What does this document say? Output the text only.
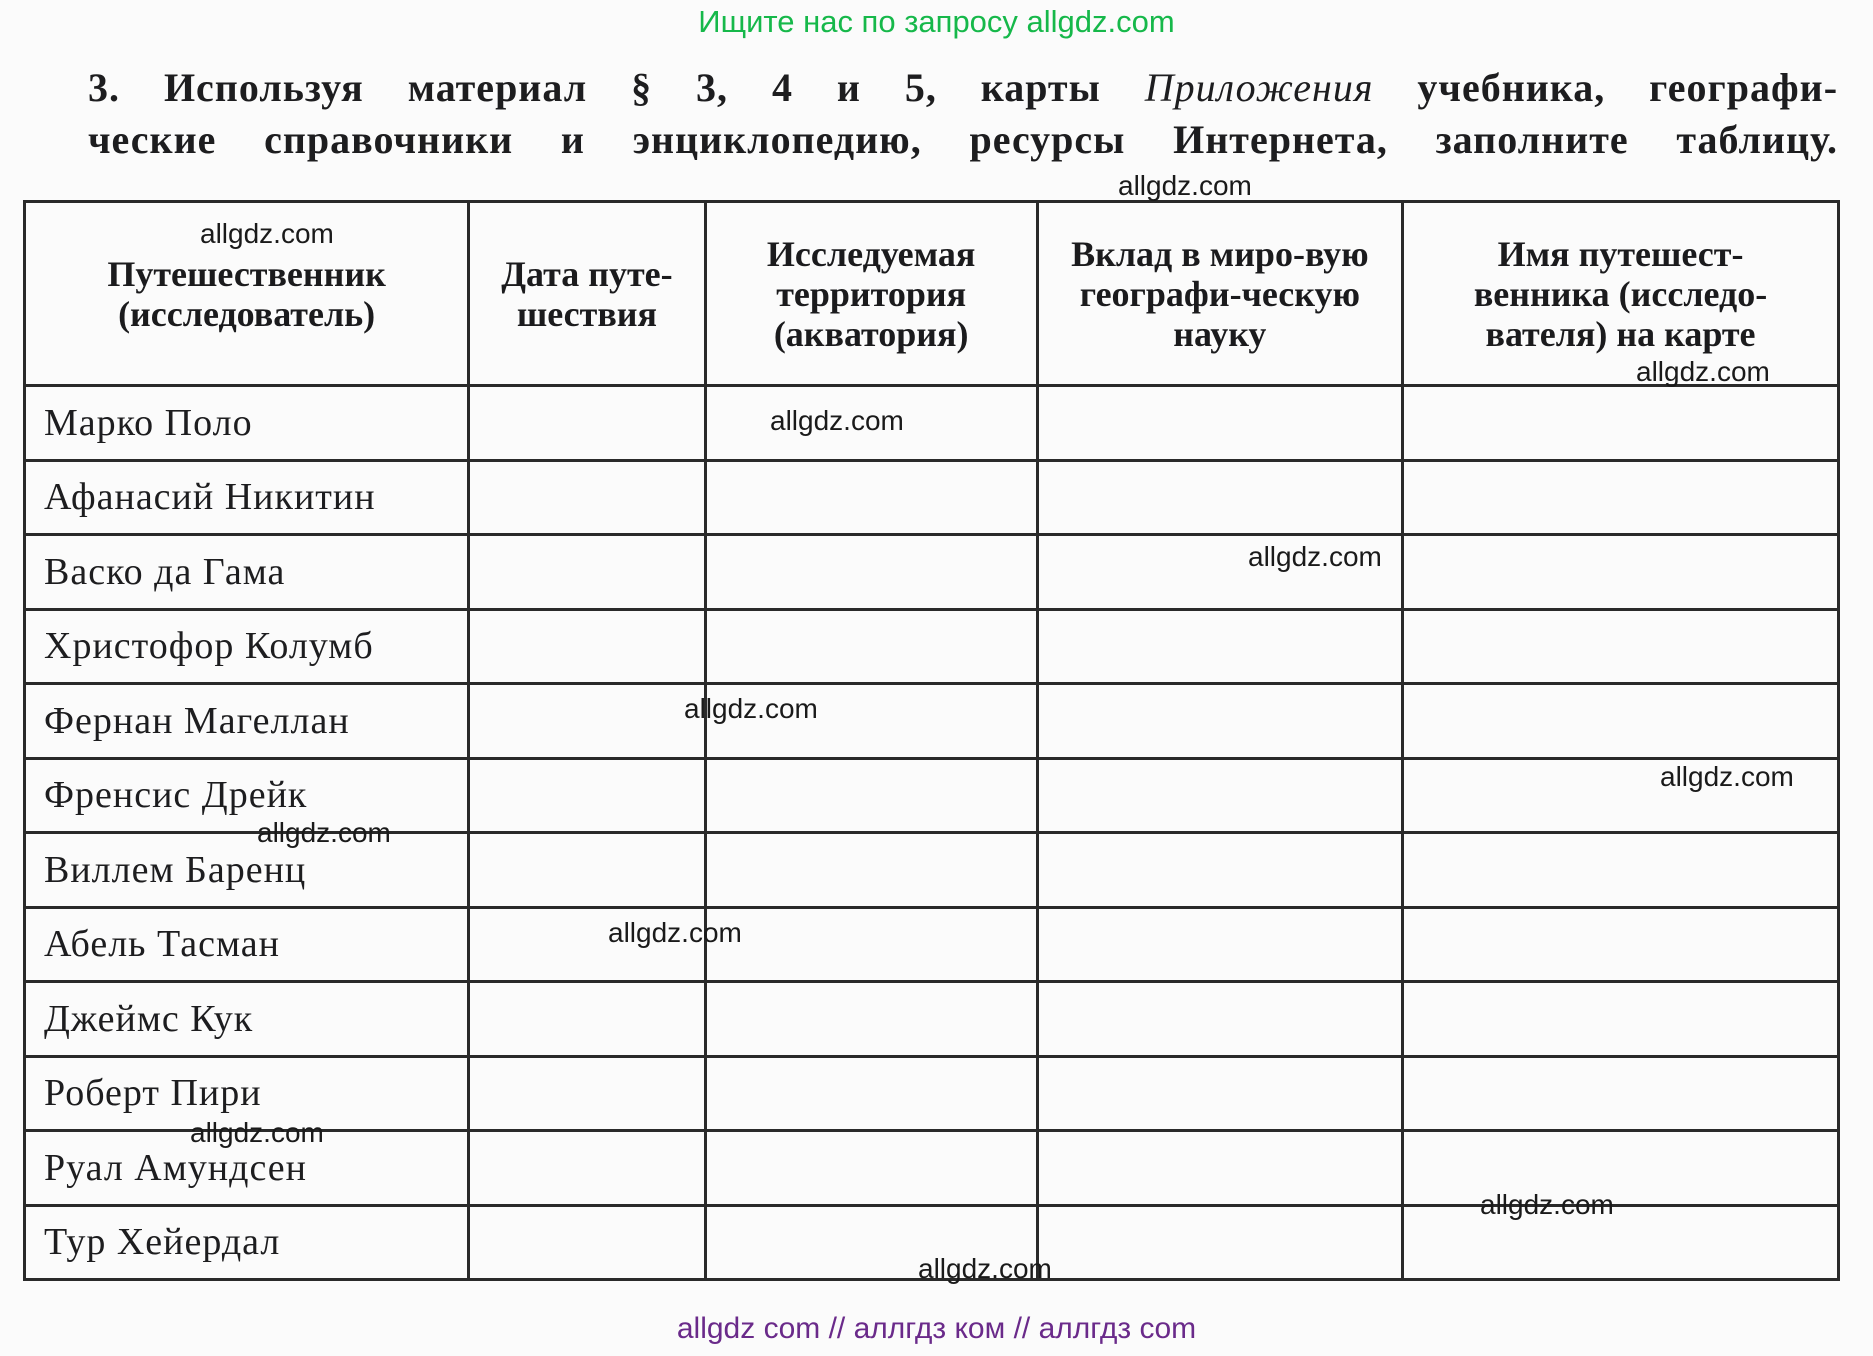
Ищите нас по запросу allgdz.com
3. Используя материал § 3, 4 и 5, карты Приложения учебника, географи-
ческие справочники и энциклопедию, ресурсы Интернета, заполните таблицу.
Путешественник (исследователь)	Дата путе-шествия	Исследуемая территория (акватория)	Вклад в миро-вую географи-ческую науку	Имя путешест-венника (исследо-вателя) на карте
Марко Поло				
Афанасий Никитин				
Васко да Гама				
Христофор Колумб				
Фернан Магеллан				
Френсис Дрейк				
Виллем Баренц				
Абель Тасман				
Джеймс Кук				
Роберт Пири				
Руал Амундсен				
Тур Хейердал				
allgdz.com
allgdz.com
allgdz.com
allgdz.com
allgdz.com
allgdz.com
allgdz.com
allgdz.com
allgdz.com
allgdz.com
allgdz.com
allgdz.com
allgdz com // аллгдз ком // аллгдз com
